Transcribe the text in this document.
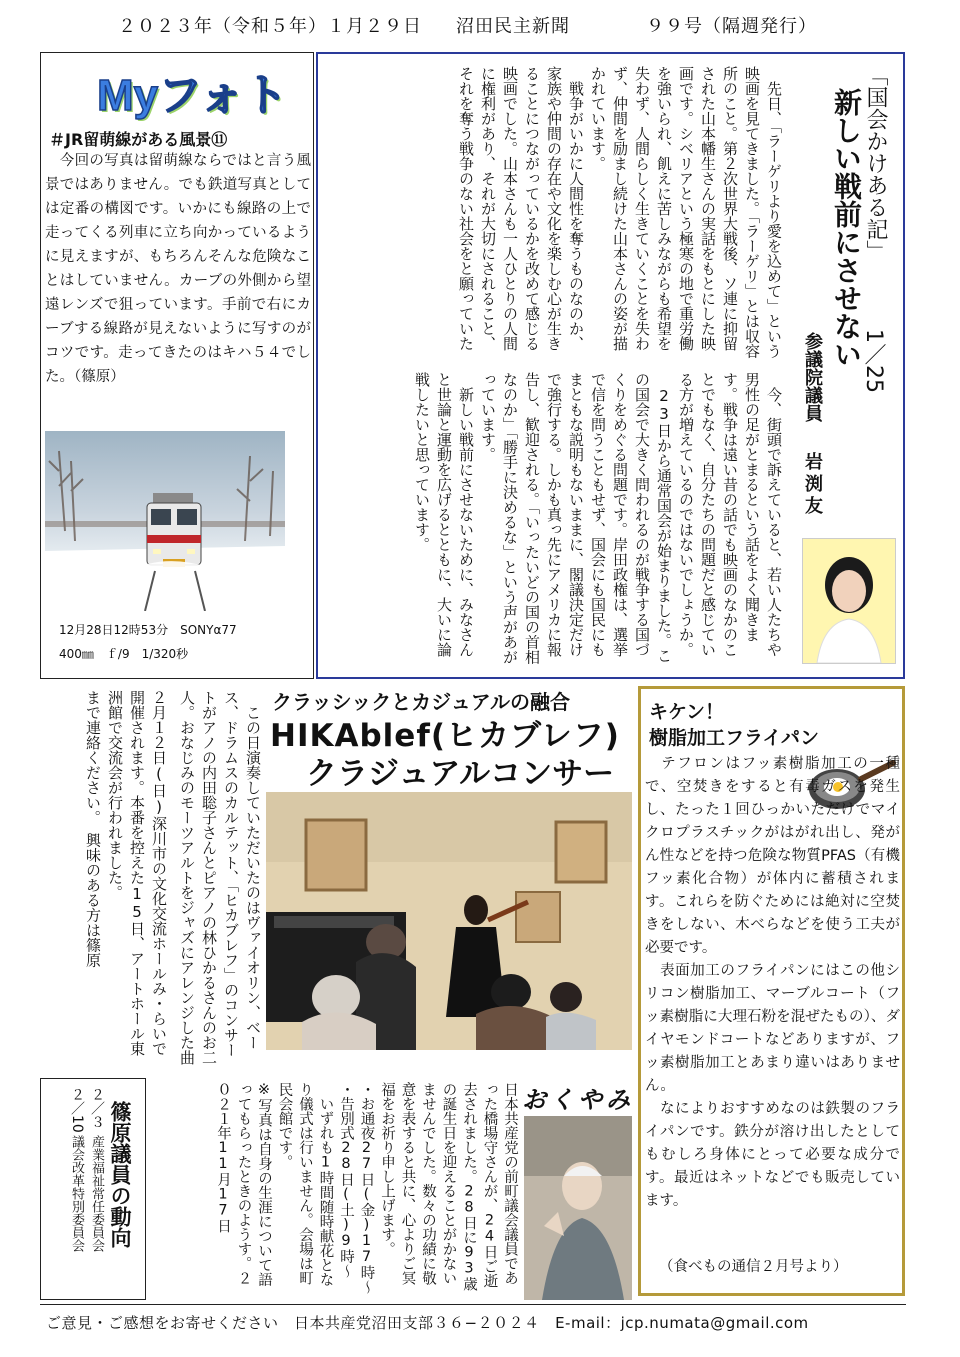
２０２３年（令和５年）１月２９日 沼田民主新聞	９９号（隔週発行）
Myフォト
＃JR留萌線がある風景⑪
　今回の写真は留萌線ならではと言う風景ではありません。でも鉄道写真としては定番の構図です。いかにも線路の上で走ってくる列車に立ち向かっているように見えますが、もちろんそんな危険なことはしていません。カーブの外側から望遠レンズで狙っています。手前で右にカーブする線路が見えないように写すのがコツです。走ってきたのはキハ５４でした。（篠原）
12月28日12時53分　SONYα77
400㎜　ｆ/9　1/320秒
「国会かけある記」
1／25
新しい戦前にさせない
参議院議員
岩渕友
　先日、「ラーゲリより愛を込めて」という映画を見てきました。「ラーゲリ」とは収容所のこと。第２次世界大戦後、ソ連に抑留された山本幡生さんの実話をもとにした映画です。シベリアという極寒の地で重労働を強いられ、飢えに苦しみながらも希望を失わず、人間らしく生きていくことを失わず、仲間を励まし続けた山本さんの姿が描かれています。
　戦争がいかに人間性を奪うものなのか、家族や仲間の存在や文化を楽しむ心が生きることにつながっているかを改めて感じる映画でした。山本さんも一人ひとりの人間に権利があり、それが大切にされること、それを奪う戦争のない社会をと願っていた
　今、街頭で訴えていると、若い人たちや男性の足がとまるという話をよく聞きます。戦争は遠い昔の話でも映画のなかのことでもなく、自分たちの問題だと感じている方が増えているのではないでしょうか。
　23日から通常国会が始まりました。この国会で大きく問われるのが戦争する国づくりをめぐる問題です。岸田政権は、選挙で信を問うこともせず、国会にも国民にもまともな説明もないままに、閣議決定だけで強行する。しかも真っ先にアメリカに報告し、歓迎される。「いったいどの国の首相なのか」「勝手に決めるな」という声があがっています。
　新しい戦前にさせないために、みなさんと世論と運動を広げるとともに、大いに論戦したいと思っています。
クラッシックとカジュアルの融合
HIKAblef(ヒカブレフ)
クラジュアルコンサー
　この日演奏していただいたのはヴァイオリン、ベース、ドラムスのカルテット、「ヒカブレフ」のコンサートがアノの内田聡子さんとピアノの林ひかるさんのお二人。おなじみのモーツアルトをジャズにアレンジした曲
２月１２日(日)深川市の文化交流ホールみ・らいで開催されます。本番を控えた15日、アートホール東洲館で交流会が行われました。
まで連絡ください。　興味のある方は篠原
キケン！
樹脂加工フライパン
　テフロンはフッ素樹脂加工の一種で、空焚きをすると有毒ガスを発生し、たった１回ひっかいただけでマイクロプラスチックがはがれ出し、発がん性などを持つ危険な物質PFAS（有機フッ素化合物）が体内に蓄積されます。これらを防ぐためには絶対に空焚きをしない、木べらなどを使う工夫が必要です。
　表面加工のフライパンにはこの他シリコン樹脂加工、マーブルコート（フッ素樹脂に大理石粉を混ぜたもの）、ダイヤモンドコートなどありますが、フッ素樹脂加工とあまり違いはありません。
　なによりおすすめなのは鉄製のフライパンです。鉄分が溶け出したとしてもむしろ身体にとって必要な成分です。最近はネットなどでも販売しています。
（食べもの通信２月号より）
篠原議員の動向
２／３
産業福祉常任委員会
２／10
議会改革特別委員会
おくやみ
日本共産党の前町議会議員であった橋場守さんが、24日ご逝去されました。28日に93歳の誕生日を迎えることがかないませんでした。数々の功績に敬意を表すると共に、心よりご冥福をお祈り申し上げます。
・お通夜27日(金)17時〜
・告別式28日(土)9時〜
　いずれも1時間随時献花となり儀式は行いません。会場は町民会館です。
※写真は自身の生涯について語ってもらったときのようす。２０２１年11月17日
ご意見・ご感想をお寄せください　日本共産党沼田支部３６−２０２４　E-mail：jcp.numata@gmail.com
